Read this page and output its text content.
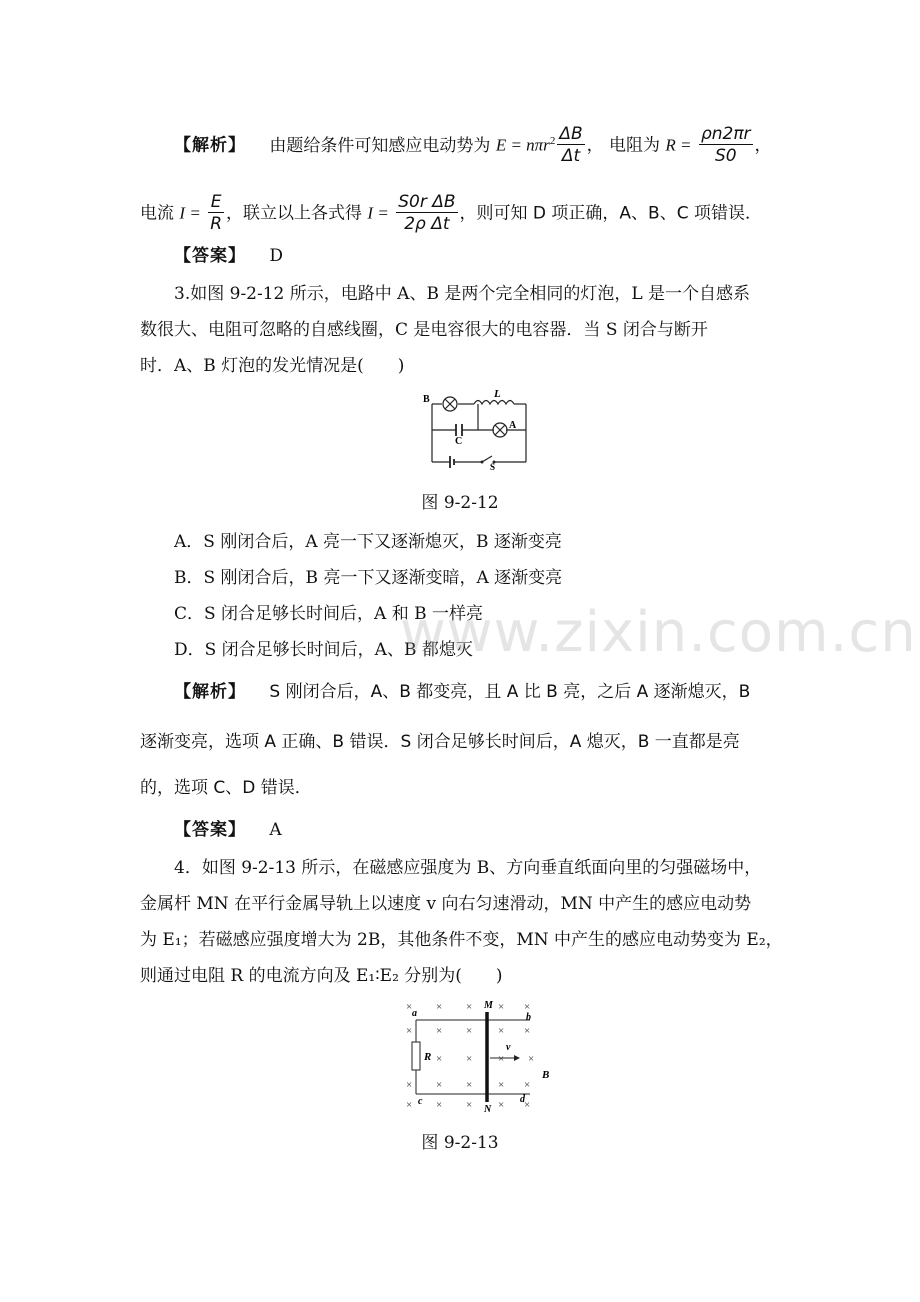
【解析】 由题给条件可知感应电动势为 $E = n\pi r^2 \frac{\Delta B}{\Delta t}$ ， 电阻为 $R = \frac{\rho n2\pi r}{S0}$ ，
电流 $I = \frac{E}{R}$ ，联立以上各式得 $I = \frac{\text{S0r ΔB}}{\text{2ρ Δt}}$ ，则可知 D 项正确，A、B、C 项错误．
【答案】 D
3.如图 9-2-12 所示，电路中 A、B 是两个完全相同的灯泡，L 是一个自感系
数很大、电阻可忽略的自感线圈，C 是电容很大的电容器．当 S 闭合与断开
时．A、B 灯泡的发光情况是(　　)
B	L
C
A
S
图 9-2-12
A．S 刚闭合后，A 亮一下又逐渐熄灭，B 逐渐变亮
B．S 刚闭合后，B 亮一下又逐渐变暗，A 逐渐变亮
C．S 闭合足够长时间后，A 和 B 一样亮
D．S 闭合足够长时间后，A、B 都熄灭
www.zixin.com.cn
【解析】 S 刚闭合后，A、B 都变亮，且 A 比 B 亮，之后 A 逐渐熄灭，B
逐渐变亮，选项 A 正确、B 错误．S 闭合足够长时间后，A 熄灭，B 一直都是亮
的，选项 C、D 错误．
【答案】 A
4．如图 9-2-13 所示，在磁感应强度为 B、方向垂直纸面向里的匀强磁场中，
金属杆 MN 在平行金属导轨上以速度 v 向右匀速滑动，MN 中产生的感应电动势
为 E₁；若磁感应强度增大为 2B，其他条件不变，MN 中产生的感应电动势变为 E₂，
则通过电阻 R 的电流方向及 E₁∶E₂ 分别为(　　)
× × × × ×
× × × × ×
× × × ×
× × × × ×
× × × × ×
a
M
b
R
v
B
c
N
d
图 9-2-13
